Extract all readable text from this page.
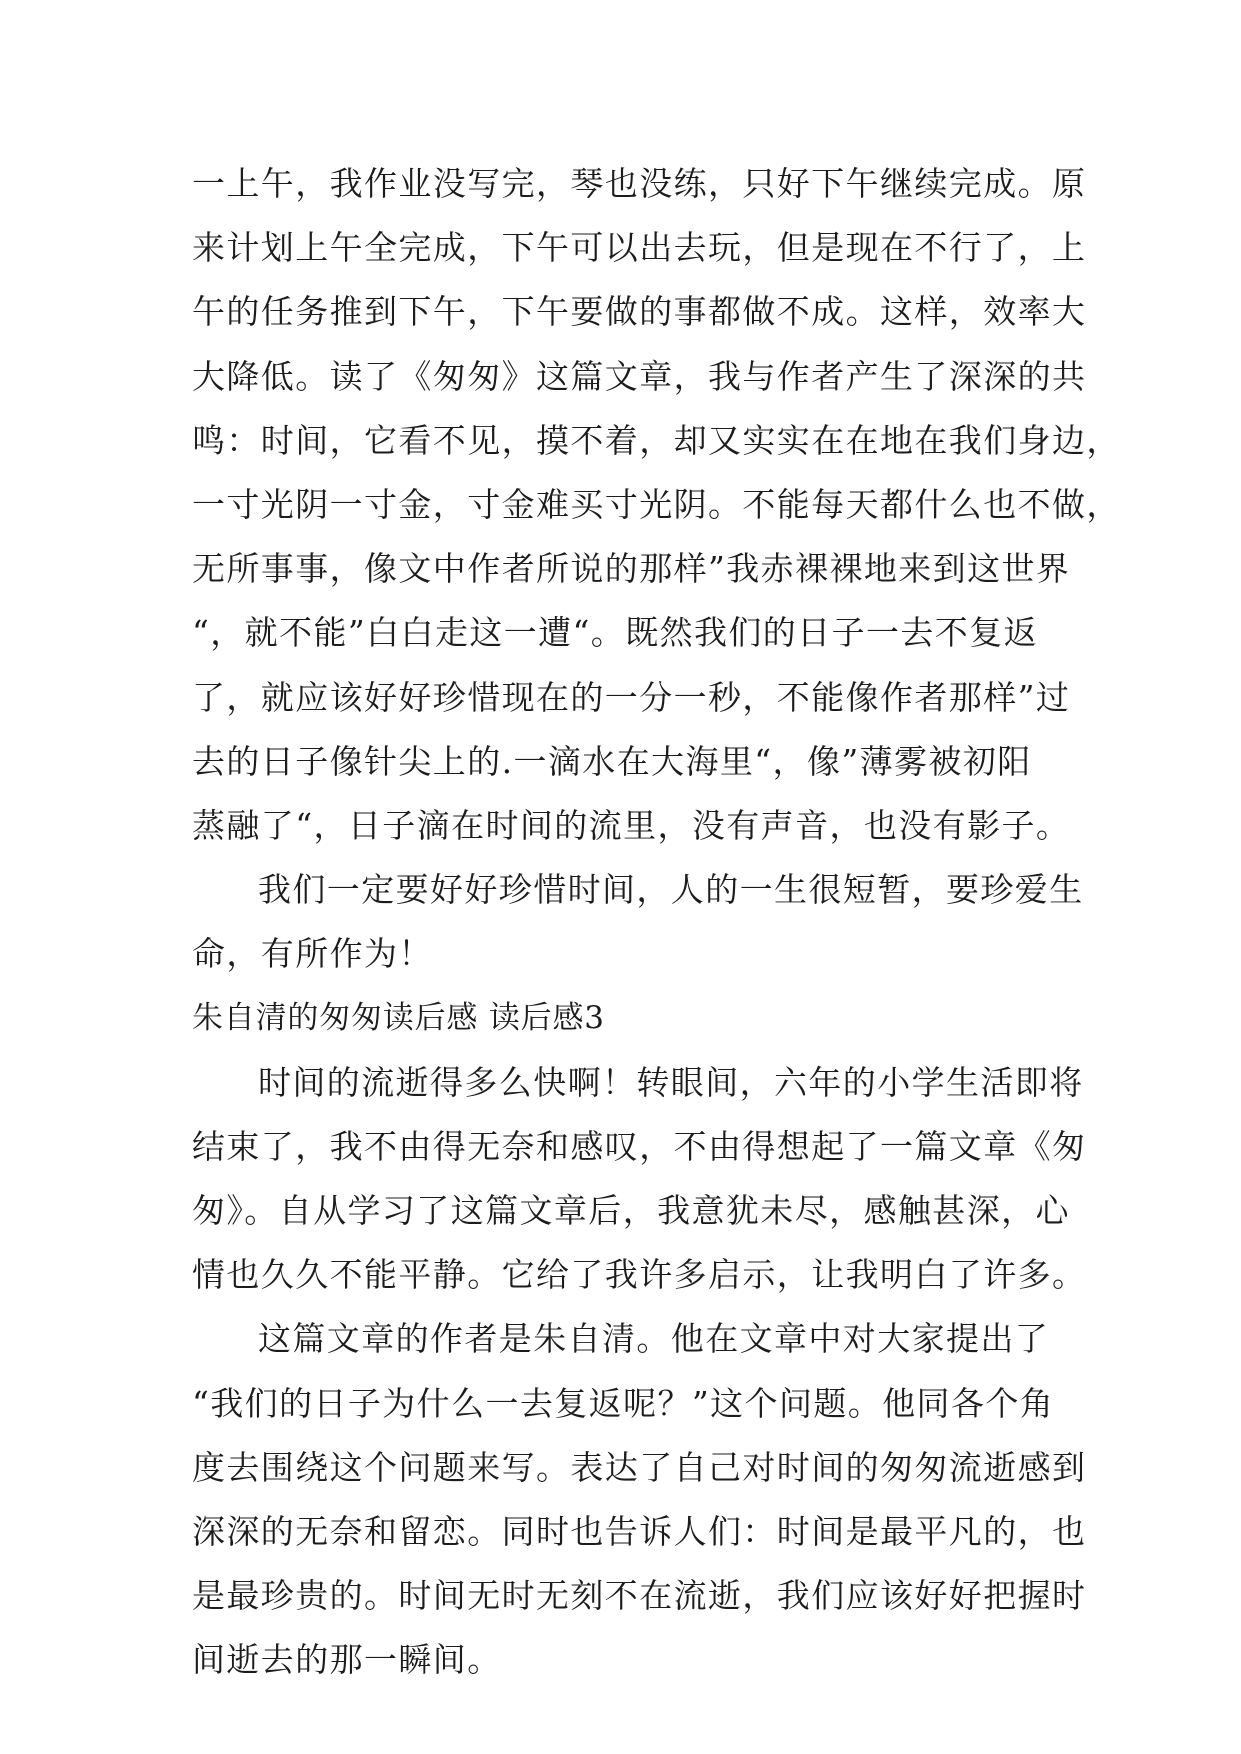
一上午，我作业没写完，琴也没练，只好下午继续完成。原
来计划上午全完成，下午可以出去玩，但是现在不行了，上
午的任务推到下午，下午要做的事都做不成。这样，效率大
大降低。读了《匆匆》这篇文章，我与作者产生了深深的共
鸣：时间，它看不见，摸不着，却又实实在在地在我们身边，
一寸光阴一寸金，寸金难买寸光阴。不能每天都什么也不做，
无所事事，像文中作者所说的那样”我赤裸裸地来到这世界
“，就不能”白白走这一遭“。既然我们的日子一去不复返
了，就应该好好珍惜现在的一分一秒，不能像作者那样”过
去的日子像针尖上的.一滴水在大海里“，像”薄雾被初阳
蒸融了“，日子滴在时间的流里，没有声音，也没有影子。
我们一定要好好珍惜时间，人的一生很短暂，要珍爱生
命，有所作为！
朱自清的匆匆读后感 读后感3
时间的流逝得多么快啊！转眼间，六年的小学生活即将
结束了，我不由得无奈和感叹，不由得想起了一篇文章《匆
匆》。自从学习了这篇文章后，我意犹未尽，感触甚深，心
情也久久不能平静。它给了我许多启示，让我明白了许多。
这篇文章的作者是朱自清。他在文章中对大家提出了
“我们的日子为什么一去复返呢？”这个问题。他同各个角
度去围绕这个问题来写。表达了自己对时间的匆匆流逝感到
深深的无奈和留恋。同时也告诉人们：时间是最平凡的，也
是最珍贵的。时间无时无刻不在流逝，我们应该好好把握时
间逝去的那一瞬间。
